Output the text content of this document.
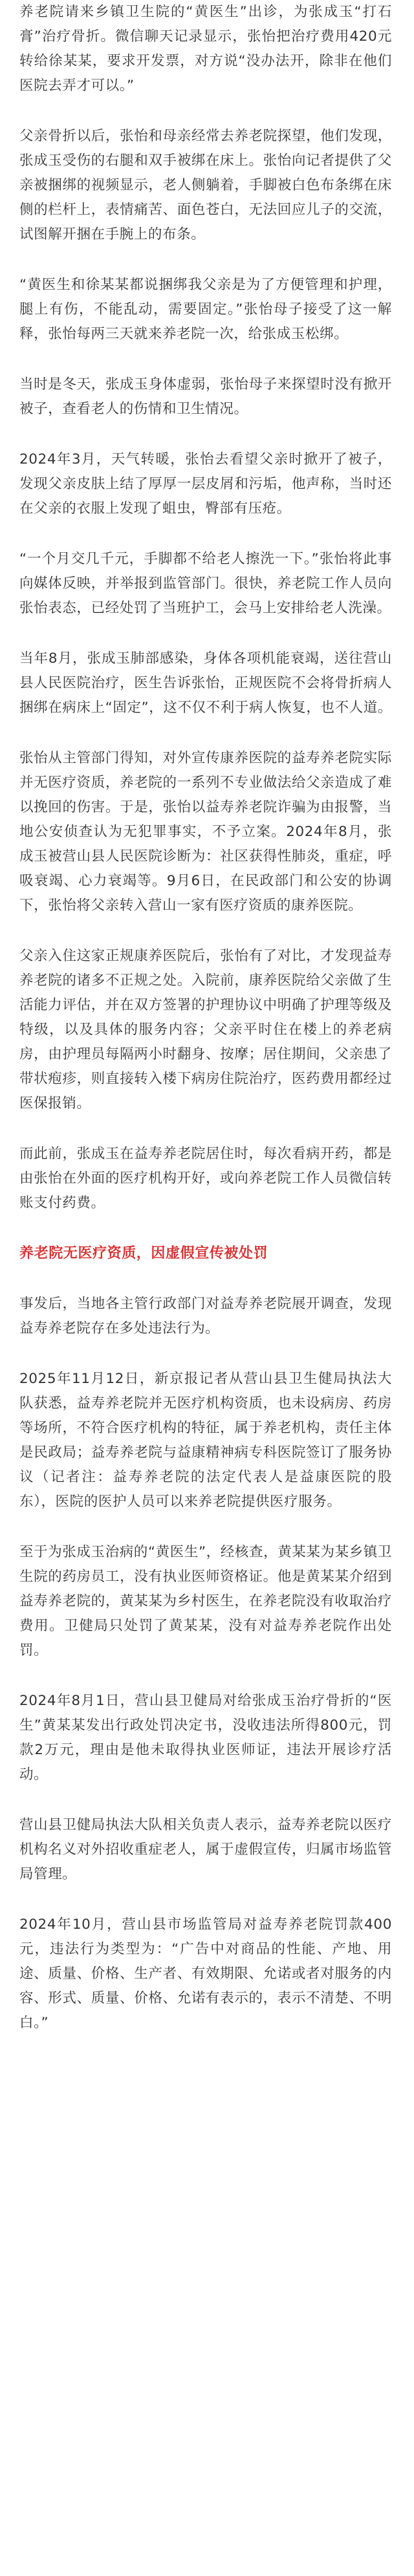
养老院请来乡镇卫生院的“黄医生”出诊，为张成玉“打石膏”治疗骨折。微信聊天记录显示，张怡把治疗费用420元转给徐某某，要求开发票，对方说“没办法开，除非在他们医院去弄才可以。”

父亲骨折以后，张怡和母亲经常去养老院探望，他们发现，张成玉受伤的右腿和双手被绑在床上。张怡向记者提供了父亲被捆绑的视频显示，老人侧躺着，手脚被白色布条绑在床侧的栏杆上，表情痛苦、面色苍白，无法回应儿子的交流，试图解开捆在手腕上的布条。

“黄医生和徐某某都说捆绑我父亲是为了方便管理和护理，腿上有伤，不能乱动，需要固定。”张怡母子接受了这一解释，张怡每两三天就来养老院一次，给张成玉松绑。

当时是冬天，张成玉身体虚弱，张怡母子来探望时没有掀开被子，查看老人的伤情和卫生情况。

2024年3月，天气转暖，张怡去看望父亲时掀开了被子，发现父亲皮肤上结了厚厚一层皮屑和污垢，他声称，当时还在父亲的衣服上发现了蛆虫，臀部有压疮。

“一个月交几千元，手脚都不给老人擦洗一下。”张怡将此事向媒体反映，并举报到监管部门。很快，养老院工作人员向张怡表态，已经处罚了当班护工，会马上安排给老人洗澡。

当年8月，张成玉肺部感染，身体各项机能衰竭，送往营山县人民医院治疗，医生告诉张怡，正规医院不会将骨折病人捆绑在病床上“固定”，这不仅不利于病人恢复，也不人道。

张怡从主管部门得知，对外宣传康养医院的益寿养老院实际并无医疗资质，养老院的一系列不专业做法给父亲造成了难以挽回的伤害。于是，张怡以益寿养老院诈骗为由报警，当地公安侦查认为无犯罪事实，不予立案。2024年8月，张成玉被营山县人民医院诊断为：社区获得性肺炎，重症，呼吸衰竭、心力衰竭等。9月6日，在民政部门和公安的协调下，张怡将父亲转入营山一家有医疗资质的康养医院。

父亲入住这家正规康养医院后，张怡有了对比，才发现益寿养老院的诸多不正规之处。入院前，康养医院给父亲做了生活能力评估，并在双方签署的护理协议中明确了护理等级及特级，以及具体的服务内容；父亲平时住在楼上的养老病房，由护理员每隔两小时翻身、按摩；居住期间，父亲患了带状疱疹，则直接转入楼下病房住院治疗，医药费用都经过医保报销。

而此前，张成玉在益寿养老院居住时，每次看病开药，都是由张怡在外面的医疗机构开好，或向养老院工作人员微信转账支付药费。

养老院无医疗资质，因虚假宣传被处罚

事发后，当地各主管行政部门对益寿养老院展开调查，发现益寿养老院存在多处违法行为。

2025年11月12日，新京报记者从营山县卫生健局执法大队获悉，益寿养老院并无医疗机构资质，也未设病房、药房等场所，不符合医疗机构的特征，属于养老机构，责任主体是民政局；益寿养老院与益康精神病专科医院签订了服务协议（记者注：益寿养老院的法定代表人是益康医院的股东），医院的医护人员可以来养老院提供医疗服务。

至于为张成玉治病的“黄医生”，经核查，黄某某为某乡镇卫生院的药房员工，没有执业医师资格证。他是黄某某介绍到益寿养老院的，黄某某为乡村医生，在养老院没有收取治疗费用。卫健局只处罚了黄某某，没有对益寿养老院作出处罚。

2024年8月1日，营山县卫健局对给张成玉治疗骨折的“医生”黄某某发出行政处罚决定书，没收违法所得800元，罚款2万元，理由是他未取得执业医师证，违法开展诊疗活动。

营山县卫健局执法大队相关负责人表示，益寿养老院以医疗机构名义对外招收重症老人，属于虚假宣传，归属市场监管局管理。

2024年10月，营山县市场监管局对益寿养老院罚款400元，违法行为类型为：“广告中对商品的性能、产地、用途、质量、价格、生产者、有效期限、允诺或者对服务的内容、形式、质量、价格、允诺有表示的，表示不清楚、不明白。”
